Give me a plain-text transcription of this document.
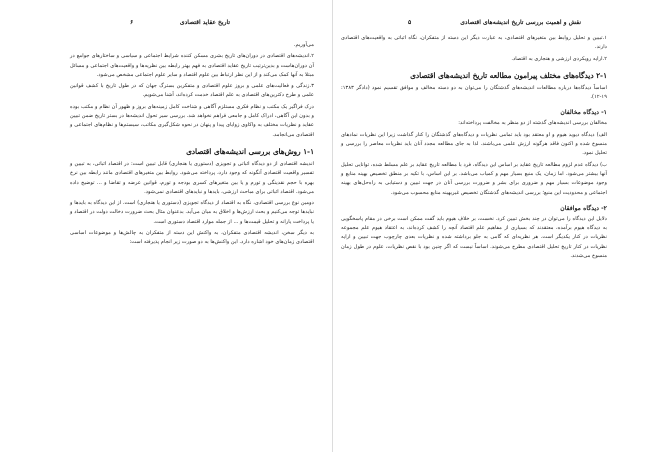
نقش و اهمیت بررسی تاریخ اندیشه‌های اقتصادی
۵

۱.تبیین و تحلیل روابط بین متغیرهای اقتصادی، به عبارت دیگر این دسته از متفکران، نگاه اثباتی به واقعیت‌های اقتصادی دارند.

۲.ارایه رویکردی ارزشی و هنجاری به اقتصاد.

۲-۱ دیدگاه‌های مختلف پیرامون مطالعه تاریخ اندیشه‌های اقتصادی

اساساً دیدگاه‌ها درباره مطالعات اندیشه‌های گذشتگان را می‌توان به دو دسته مخالف و موافق تقسیم نمود (دادگر ۱۳۸۳: ۱۹-۱۲).

۱- دیدگاه مخالفان

مخالفان بررسی اندیشه‌های گذشته از دو منظر به مخالفت پرداخته‌اند:

الف) دیدگاه دیوید هیوم و او معتقد بود باید تمامی نظریات و دیدگاه‌های گذشتگان را کنار گذاشت زیرا این نظریات نمادهای منسوخ شده و اکنون فاقد هرگونه ارزش علمی می‌باشند. لذا به جای مطالعه مجدد آنان باید نظریات معاصر را بررسی و تحلیل نمود.

ب) دیدگاه عدم لزوم مطالعه تاریخ عقاید بر اساس این دیدگاه، فرد با مطالعه تاریخ عقاید بر علم مسلط شده، توانایی تحلیل آنها بیشتر می‌شود. اما زمان، یک منبع بسیار مهم و کمیاب می‌باشد. بر این اساس، با تکیه بر منطق تخصیص بهینه منابع و وجود موضوعات بسیار مهم و ضروری برای بشر و ضرورت بررسی آنان در جهت تبیین و دستیابی به راه‌حل‌های بهینه اجتماعی و محدودیت این منبع؛ بررسی اندیشه‌های گذشتگان تخصیص غیربهینه منابع محسوب می‌شود.

۲- دیدگاه موافقان

دلایل این دیدگاه را می‌توان در چند بخش تبیین کرد. نخست، بر خلاف هیوم باید گفت ممکن است برخی در مقام پاسخگویی به دیدگاه هیوم برآمده، معتقدند که بسیاری از مفاهیم علم اقتصاد آنچه را کشف کرده‌اند، به اعتقاد هیوم علم مجموعه نظریات در کنار یکدیگر است. هر نظریه‌ای که گامی به جلو برداشته شده و نظریات بعدی چارچوب جهت تبیین و ارایه نظریات در کنار تاریخ تحلیل اقتصادی مطرح می‌شوند. اساساً نیست که اگر چنین بود با نقص نظریات، علوم در طول زمان منسوخ می‌شدند.

تاریخ عقاید اقتصادی
۶

می‌آوریم.

۲.اندیشه‌های اقتصادی در دوران‌های تاریخ بشری مسکن کننده شرایط اجتماعی و سیاسی و ساختارهای جوامع در آن دوران‌هاست و بدین‌ترتیب تاریخ عقاید اقتصادی به فهم بهتر رابطه بین نظریه‌ها و واقعیت‌های اجتماعی و مسائل مبتلا به آنها کمک می‌کند و از این نظر ارتباط بین علوم اقتصاد و سایر علوم اجتماعی مشخص می‌شود.

۳.زندگی و فعالیت‌های علمی و بروز علوم اقتصادی و متفکرین بسترگ جهان که در طول تاریخ با کشف قوانین علمی و طرح دکترین‌های اقتصادی به علم اقتصاد خدمت کرده‌اند، آشنا می‌شویم.

درک فراگیر یک مکتب و نظام فکری مستلزم آگاهی و شناخت کامل زمینه‌های بروز و ظهور آن نظام و مکتب بوده و بدون این آگاهی، ادراک کامل و جامعی فراهم نخواهد شد. بررسی سیر تحول اندیشه‌ها در بستر تاریخ ضمن تبیین عقاید و نظریات مختلف به واکاوی زوایای پیدا و پنهان در نحوه شکل‌گیری مکاتب، سیستم‌ها و نظام‌های اجتماعی و اقتصادی می‌انجامد.

۱-۱ روش‌های بررسی اندیشه‌های اقتصادی

اندیشه اقتصادی از دو دیدگاه اثباتی و تجویزی (دستوری یا هنجاری) قابل تبیین است: در اقتصاد اثباتی، به تبیین و تفسیر واقعیت اقتصادی آنگونه که وجود دارد، پرداخته می‌شود. روابط بین متغیرهای اقتصادی مانند رابطه بین نرخ بهره با حجم نقدینگی و تورم و یا بین متغیرهای کسری بودجه و تورم، قوانین عرضه و تقاضا و ... توضیح داده می‌شود. اقتصاد اثباتی برای مباحث ارزشی، بایدها و نبایدهای اقتصادی نمی‌شود.

دومین نوع بررسی اقتصادی، نگاه به اقتصاد از دیدگاه تجویزی (دستوری یا هنجاری) است. از این دیدگاه به بایدها و نبایدها توجه می‌کنیم و بحث ارزش‌ها و اخلاق به میان می‌آید. بدعنوان مثال بحث ضرورت دخالت دولت در اقتصاد و یا پرداخت یارانه و تحلیل قیمت‌ها و ... از جمله موارد اقتصاد دستوری است.

به دیگر سخن، اندیشه اقتصادی متفکران، به واکنش این دسته از متفکران به چالش‌ها و موضوعات اساسی اقتصادی زمان‌های خود اشاره دارد. این واکنش‌ها به دو صورت زیر انجام پذیرفته است:
